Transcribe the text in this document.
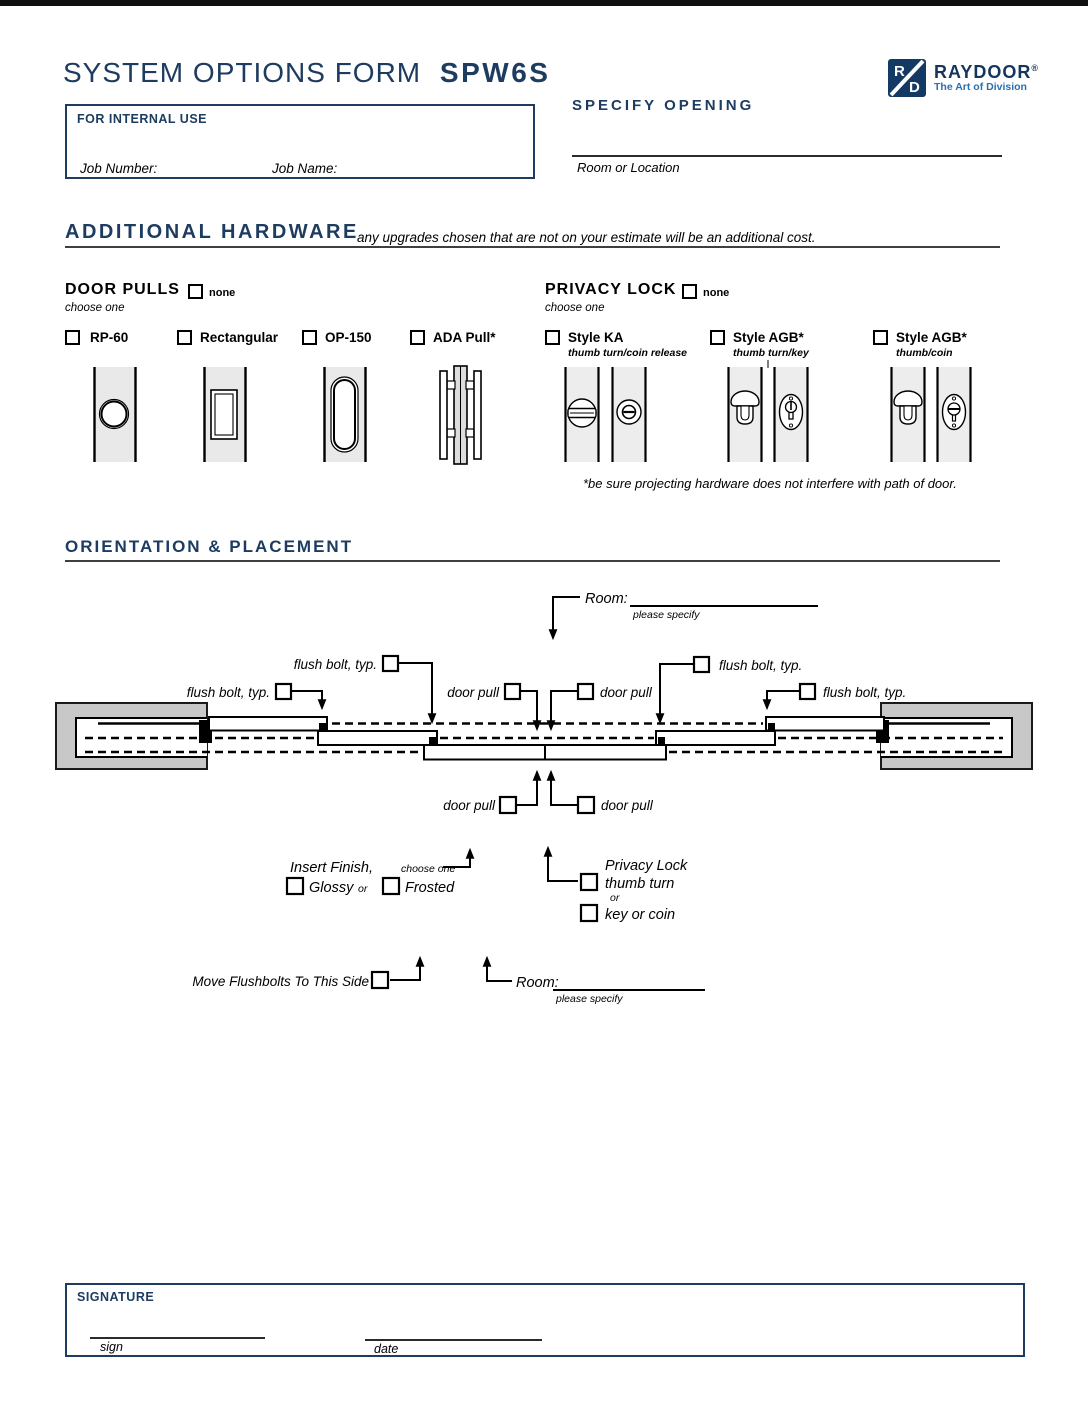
SYSTEM OPTIONS FORM SPW6S	R
D
RAYDOOR®
The Art of Division
FOR INTERNAL USE
Job Number:	Job Name:
SPECIFY OPENING
Room or Location
ADDITIONAL HARDWARE
any upgrades chosen that are not on your estimate will be an additional cost.
DOOR PULLS	none
choose one
RP-60	Rectangular	OP-150	ADA Pull*
PRIVACY LOCK none
choose one
Style KA
thumb turn/coin release
Style AGB*
thumb turn/key
Style AGB*
thumb/coin
*be sure projecting hardware does not interfere with path of door.
ORIENTATION & PLACEMENT
Room:
please specify
flush bolt, typ.
flush bolt, typ.	door pull	door pull
flush bolt, typ.
flush bolt, typ.
door pull	door pull
Insert Finish,	choose one
Glossy or	Frosted
Privacy Lock
thumb turn
or
key or coin
Move Flushbolts To This Side	Room:
please specify
SIGNATURE
sign	date
